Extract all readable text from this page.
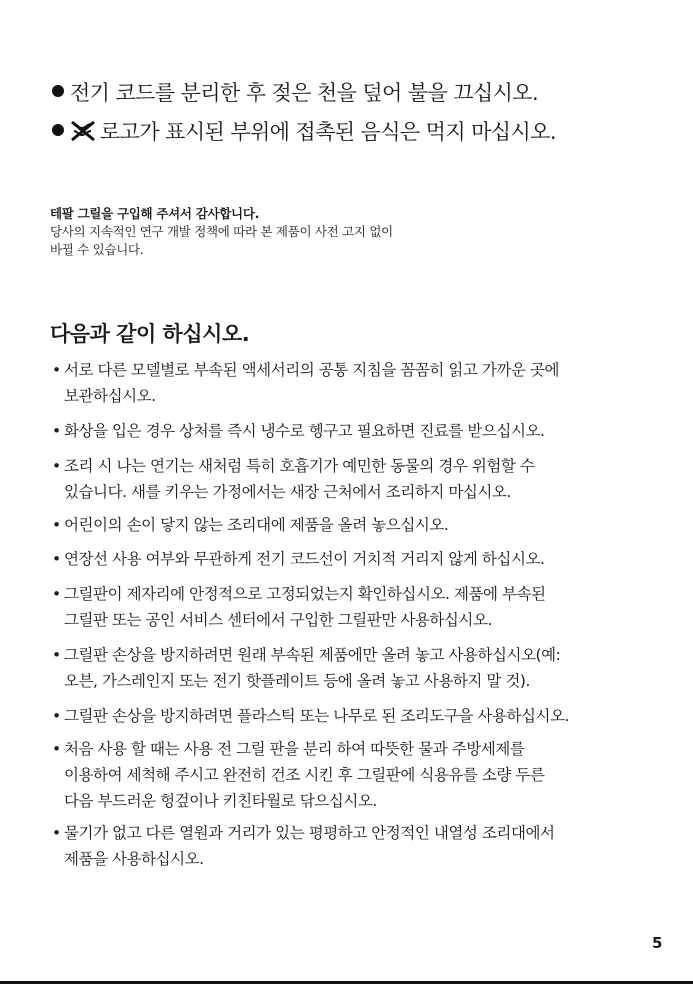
전기 코드를 분리한 후 젖은 천을 덮어 불을 끄십시오.
로고가 표시된 부위에 접촉된 음식은 먹지 마십시오.
테팔 그릴을 구입해 주셔서 감사합니다.
당사의 지속적인 연구 개발 정책에 따라 본 제품이 사전 고지 없이
바뀔 수 있습니다.
다음과 같이 하십시오.
• 서로 다른 모델별로 부속된 액세서리의 공통 지침을 꼼꼼히 읽고 가까운 곳에
보관하십시오.
• 화상을 입은 경우 상처를 즉시 냉수로 헹구고 필요하면 진료를 받으십시오.
• 조리 시 나는 연기는 새처럼 특히 호흡기가 예민한 동물의 경우 위험할 수
있습니다. 새를 키우는 가정에서는 새장 근처에서 조리하지 마십시오.
• 어린이의 손이 닿지 않는 조리대에 제품을 올려 놓으십시오.
• 연장선 사용 여부와 무관하게 전기 코드선이 거치적 거리지 않게 하십시오.
• 그릴판이 제자리에 안정적으로 고정되었는지 확인하십시오. 제품에 부속된
그릴판 또는 공인 서비스 센터에서 구입한 그릴판만 사용하십시오.
• 그릴판 손상을 방지하려면 원래 부속된 제품에만 올려 놓고 사용하십시오(예:
오븐, 가스레인지 또는 전기 핫플레이트 등에 올려 놓고 사용하지 말 것).
• 그릴판 손상을 방지하려면 플라스틱 또는 나무로 된 조리도구을 사용하십시오.
• 처음 사용 할 때는 사용 전 그릴 판을 분리 하여 따뜻한 물과 주방세제를
이용하여 세척해 주시고 완전히 건조 시킨 후 그릴판에 식용유를 소량 두른
다음 부드러운 헝겊이나 키친타월로 닦으십시오.
• 물기가 없고 다른 열원과 거리가 있는 평평하고 안정적인 내열성 조리대에서
제품을 사용하십시오.
5
